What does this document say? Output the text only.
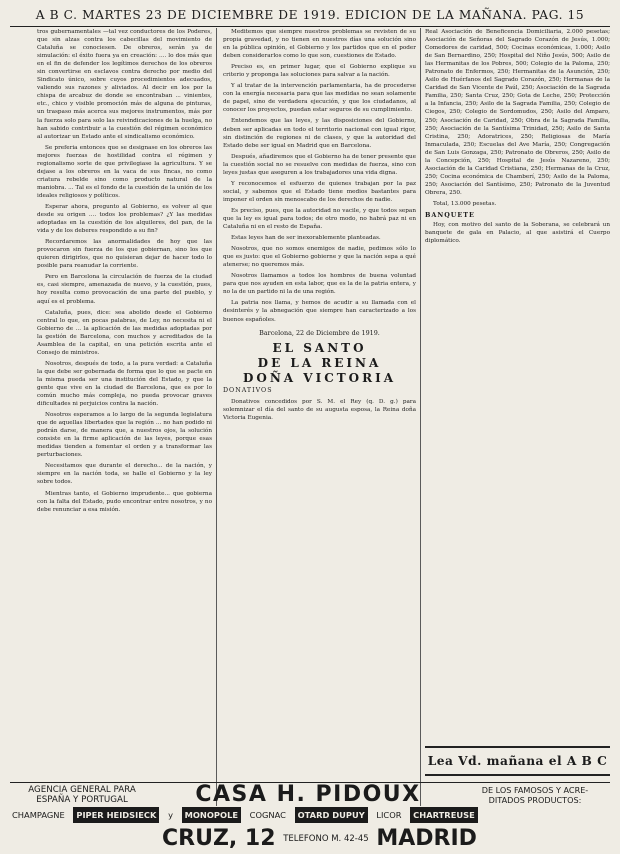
A B C. MARTES 23 DE DICIEMBRE DE 1919. EDICION DE LA MAÑANA. PAG. 15

tros gubernamentales —tal vez conductores de los Poderes, que sin alzas contra los cabecillas del movimiento de Cataluña se conociesen. De obreros, serán ya de simulación: el éxito fuera ya en creación: .... lo dos más que en el fin de defender los legítimos derechos de los obreros sin convertirse en esclavos contra derecho por medio del Sindicato único, sobre cuyos procedimientos adecuados, valiendo sus razones y aliviados. Al decir en los por la chispa de arcabuz de donde se encontraban ... vinientes, etc., chico y visible promoción más de alguna de pinturas, un traspaso más acerca sus mejores instrumentos, más por la fuerza solo para solo las reivindicaciones de la huelga, no han sabido contribuir a la cuestión del régimen económico al autorizar un Estado ante el sindicalismo económico.

Se preferia entonces que se designase en los obreros las mejores fuerzas de hostilidad contra el régimen y regionalismo sorte de que privilegiase la agricultura. Y se dejase a los obreros en la vaca de sus fincas, no como criatura rebelde sino como producto natural de la maniobra. ... Tal es el fondo de la cuestión de la unión de los ideales religiosos y políticos.

Esperar ahora, pregunto al Gobierno, es volver al que desde su origen .... todos los problemas? ¿Y las medidas adoptadas en la cuestión de los alquileres, del pan, de la vida y de los deberes respondido a su fin?

Recordaremos las anormalidades de hoy que las provocaron sin fuerza de los que gobiernan, sino los que quieren dirigirlos, que no quisieran dejar de hacer todo lo posible para reanudar la corriente.

Pero en Barcelona la circulación de fuerza de la ciudad es, casi siempre, amenazada de nuevo, y la cuestión, pues, hoy resulta como provocación de una parte del pueblo, y aquí es el problema.

Cataluña, pues, dice: sea abolido desde el Gobierno central lo que, en pocas palabras, de Ley, no necesita ni el Gobierno de ... la aplicación de las medidas adoptadas por la gestión de Barcelona, con muchos y acreditados de la Asamblea de la capital, en una petición escrita ante el Consejo de ministros.

Nosotros, después de todo, a la pura verdad: a Cataluña la que debe ser gobernada de forma que lo que se pacte en la misma pueda ser una institución del Estado, y que la gente que vive en la ciudad de Barcelona, que es por lo común mucho más compleja, no pueda provocar graves dificultades ni perjuicios contra la nación.

Nosotros esperamos a lo largo de la segunda legislatura que de aquellas libertades que la región ... no han podido ni podrán darse, de manera que, a nuestros ojos, la solución consiste en la firme aplicación de las leyes, porque esas medidas tienden a fomentar el orden y a transformar las perturbaciones.

Necesitamos que durante el derecho... de la nación, y siempre en la nación toda, se halle el Gobierno y la ley sobre todos.

Mientras tanto, el Gobierno imprudente... que gobierna con la falta del Estado, pudo encontrar entre nosotros, y no debe renunciar a esa misión.

Meditemos que siempre nuestros problemas se revisten de su propia gravedad, y no tienen en nuestros días una solución sino en la pública opinión, el Gobierno y los partidos que en el poder deben considerarlos como lo que son, cuestiones de Estado.

Preciso es, en primer lugar, que el Gobierno explique su criterio y proponga las soluciones para salvar a la nación.

Y al tratar de la intervención parlamentaria, ha de procederse con la energía necesaria para que las medidas no sean solamente de papel, sino de verdadera ejecución, y que los ciudadanos, al conocer los proyectos, puedan estar seguros de su cumplimiento.

Entendemos que las leyes, y las disposiciones del Gobierno, deben ser aplicadas en todo el territorio nacional con igual rigor, sin distinción de regiones ni de clases, y que la autoridad del Estado debe ser igual en Madrid que en Barcelona.

Después, añadiremos que el Gobierno ha de tener presente que la cuestión social no se resuelve con medidas de fuerza, sino con leyes justas que aseguren a los trabajadores una vida digna.

Y reconocemos el esfuerzo de quienes trabajan por la paz social, y sabemos que el Estado tiene medios bastantes para imponer el orden sin menoscabo de los derechos de nadie.

Es preciso, pues, que la autoridad no vacile, y que todos sepan que la ley es igual para todos; de otro modo, no habrá paz ni en Cataluña ni en el resto de España.

Estas leyes han de ser inexorablemente planteadas.

Nosotros, que no somos enemigos de nadie, pedimos sólo lo que es justo: que el Gobierno gobierne y que la nación sepa a qué atenerse; no queremos más.

Nosotros llamamos a todos los hombres de buena voluntad para que nos ayuden en esta labor, que es la de la patria entera, y no la de un partido ni la de una región.

La patria nos llama, y hemos de acudir a su llamada con el desinterés y la abnegación que siempre han caracterizado a los buenos españoles.

Barcelona, 22 de Diciembre de 1919.
EL SANTO
DE LA REINA
DOÑA VICTORIA
DONATIVOS

Donativos concedidos por S. M. el Rey (q. D. g.) para solemnizar el día del santo de su augusta esposa, la Reina doña Victoria Eugenia.

Real Asociación de Beneficencia Domiciliaria, 2.000 pesetas; Asociación de Señoras del Sagrado Corazón de Jesús, 1.000; Comedores de caridad, 500; Cocinas económicas, 1.000; Asilo de San Bernardino, 250; Hospital del Niño Jesús, 500; Asilo de las Hermanitas de los Pobres, 500; Colegio de la Paloma, 250; Patronato de Enfermos, 250; Hermanitas de la Asunción, 250; Asilo de Huérfanos del Sagrado Corazón, 250; Hermanas de la Caridad de San Vicente de Paúl, 250; Asociación de la Sagrada Familia, 250; Santa Cruz, 250; Gota de Leche, 250; Protección a la Infancia, 250; Asilo de la Sagrada Familia, 250; Colegio de Ciegos, 250; Colegio de Sordomudos, 250; Asilo del Amparo, 250; Asociación de Caridad, 250; Obra de la Sagrada Familia, 250; Asociación de la Santísima Trinidad, 250; Asilo de Santa Cristina, 250; Adoratrices, 250; Religiosas de María Inmaculada, 250; Escuelas del Ave María, 250; Congregación de San Luis Gonzaga, 250; Patronato de Obreros, 250; Asilo de la Concepción, 250; Hospital de Jesús Nazareno, 250; Asociación de la Caridad Cristiana, 250; Hermanas de la Cruz, 250; Cocina económica de Chamberí, 250; Asilo de la Paloma, 250; Asociación del Santísimo, 250; Patronato de la Juventud Obrera, 250.

Total, 13.000 pesetas.

BANQUETE

Hoy, con motivo del santo de la Soberana, se celebrará un banquete de gala en Palacio, al que asistirá el Cuerpo diplomático.

Lea Vd. mañana el A B C
AGENCIA GENERAL PARA
ESPAÑA Y PORTUGAL	CASA H. PIDOUX	DE LOS FAMOSOS Y ACRE-
DITADOS PRODUCTOS:
CHAMPAGNE PIPER HEIDSIECK y MONOPOLE COGNAC OTARD DUPUY LICOR CHARTREUSE
CRUZ, 12 TELEFONO M. 42-45 MADRID
